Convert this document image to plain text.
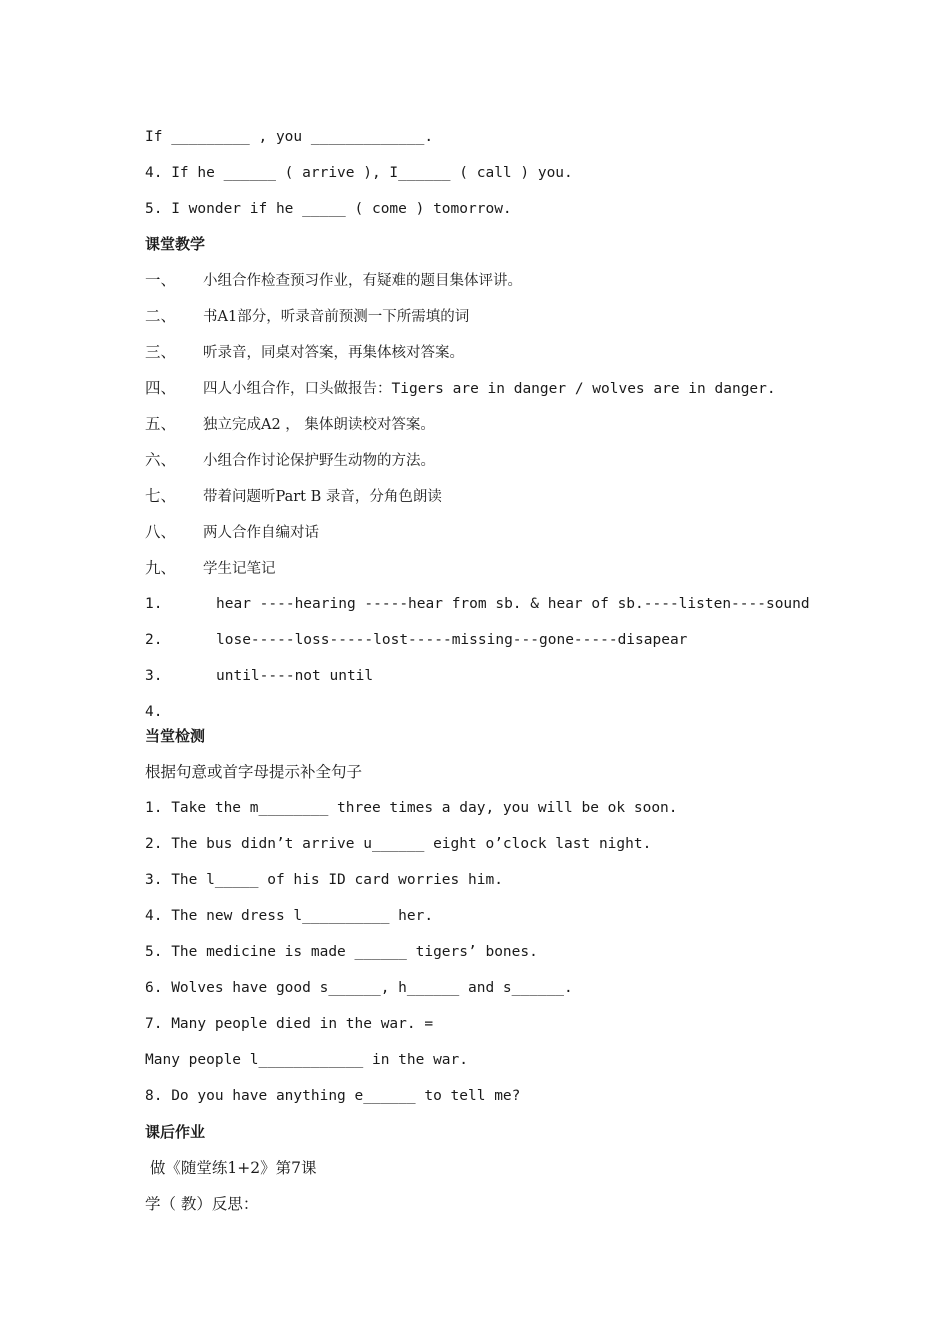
If _________ , you _____________.
4. If he ______ ( arrive ), I______ ( call ) you.
5. I wonder if he _____ ( come ) tomorrow.
课堂教学
一、 小组合作检查预习作业，有疑难的题目集体评讲。
二、 书A1部分，听录音前预测一下所需填的词
三、 听录音，同桌对答案，再集体核对答案。
四、 四人小组合作，口头做报告：Tigers are in danger / wolves are in danger.
五、 独立完成A2 ， 集体朗读校对答案。
六、 小组合作讨论保护野生动物的方法。
七、 带着问题听Part B 录音，分角色朗读
八、 两人合作自编对话
九、 学生记笔记
1.	hear ----hearing -----hear from sb. & hear of sb.----listen----sound
2.	lose-----loss-----lost-----missing---gone-----disapear
3.	until----not until
4.
当堂检测
根据句意或首字母提示补全句子
1. Take the m________ three times a day, you will be ok soon.
2. The bus didn’t arrive u______ eight o’clock last night.
3. The l_____ of his ID card worries him.
4. The new dress l__________ her.
5. The medicine is made ______ tigers’ bones.
6. Wolves have good s______, h______ and s______.
7. Many people died in the war. =
Many people l____________ in the war.
8. Do you have anything e______ to tell me?
课后作业
做《随堂练1+2》第7课
学（ 教）反思：
